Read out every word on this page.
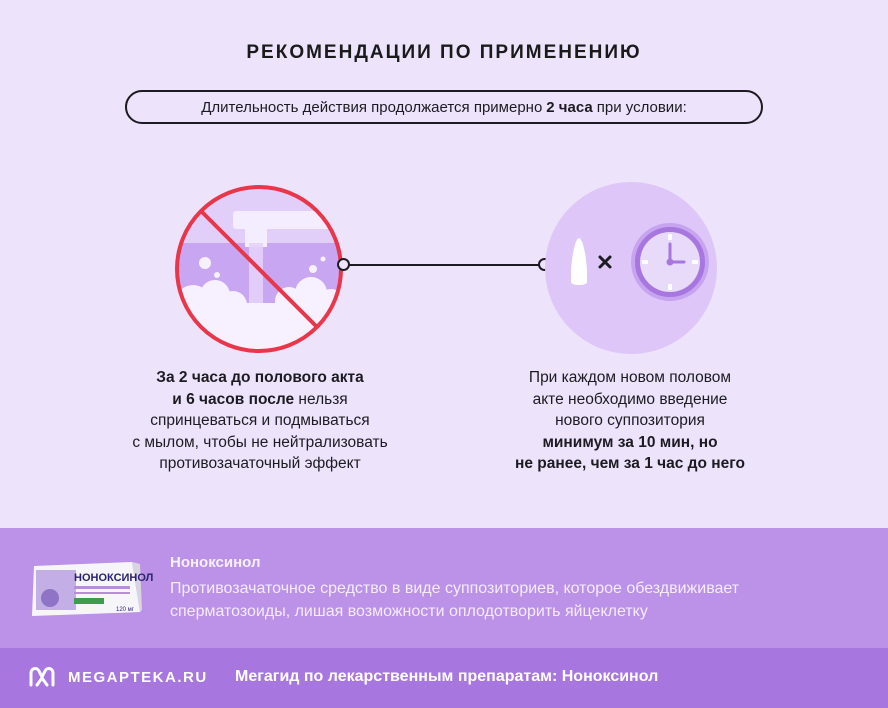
РЕКОМЕНДАЦИИ ПО ПРИМЕНЕНИЮ
Длительность действия продолжается примерно 2 часа при условии:
За 2 часа до полового акта
и 6 часов после нельзя
спринцеваться и подмываться
с мылом, чтобы не нейтрализовать
противозачаточный эффект
При каждом новом половом
акте необходимо введение
нового суппозитория
минимум за 10 мин, но
не ранее, чем за 1 час до него
НОНОКСИНОЛ
120 мг
Ноноксинол
Противозачаточное средство в виде суппозиториев, которое обездвиживает сперматозоиды, лишая возможности оплодотворить яйцеклетку
MEGAPTEKA.RU Мегагид по лекарственным препаратам: Ноноксинол
